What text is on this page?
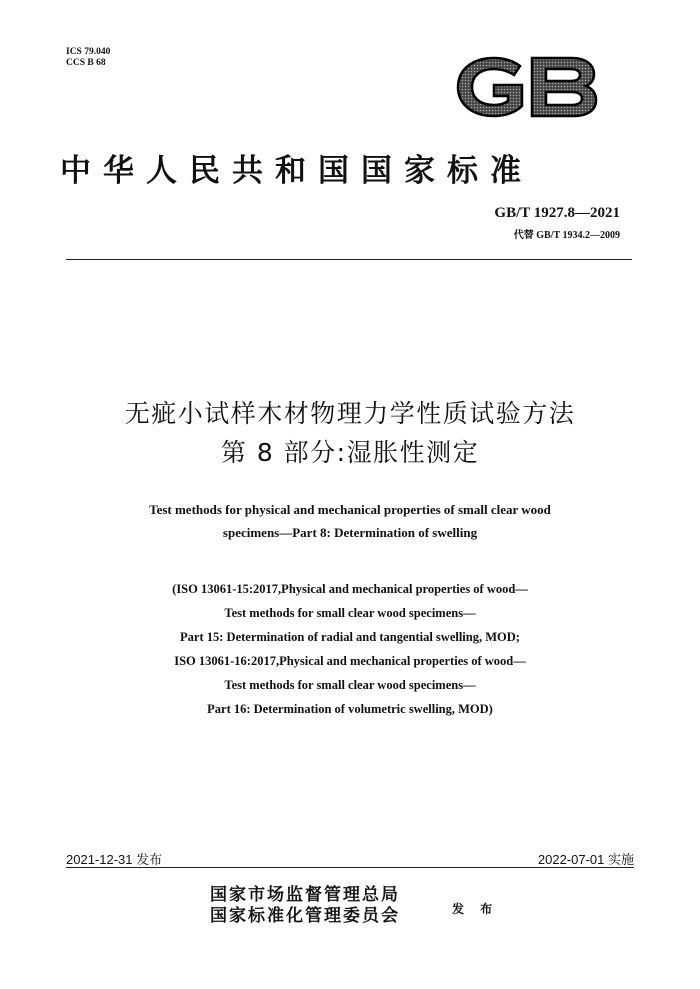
ICS 79.040
CCS B 68
中华人民共和国国家标准
GB/T 1927.8—2021
代替 GB/T 1934.2—2009
无疵小试样木材物理力学性质试验方法
第 8 部分:湿胀性测定
Test methods for physical and mechanical properties of small clear wood
specimens—Part 8: Determination of swelling
(ISO 13061-15:2017,Physical and mechanical properties of wood—
Test methods for small clear wood specimens—
Part 15: Determination of radial and tangential swelling, MOD;
ISO 13061-16:2017,Physical and mechanical properties of wood—
Test methods for small clear wood specimens—
Part 16: Determination of volumetric swelling, MOD)
2021-12-31 发布	2022-07-01 实施
国家市场监督管理总局
国家标准化管理委员会	发 布
